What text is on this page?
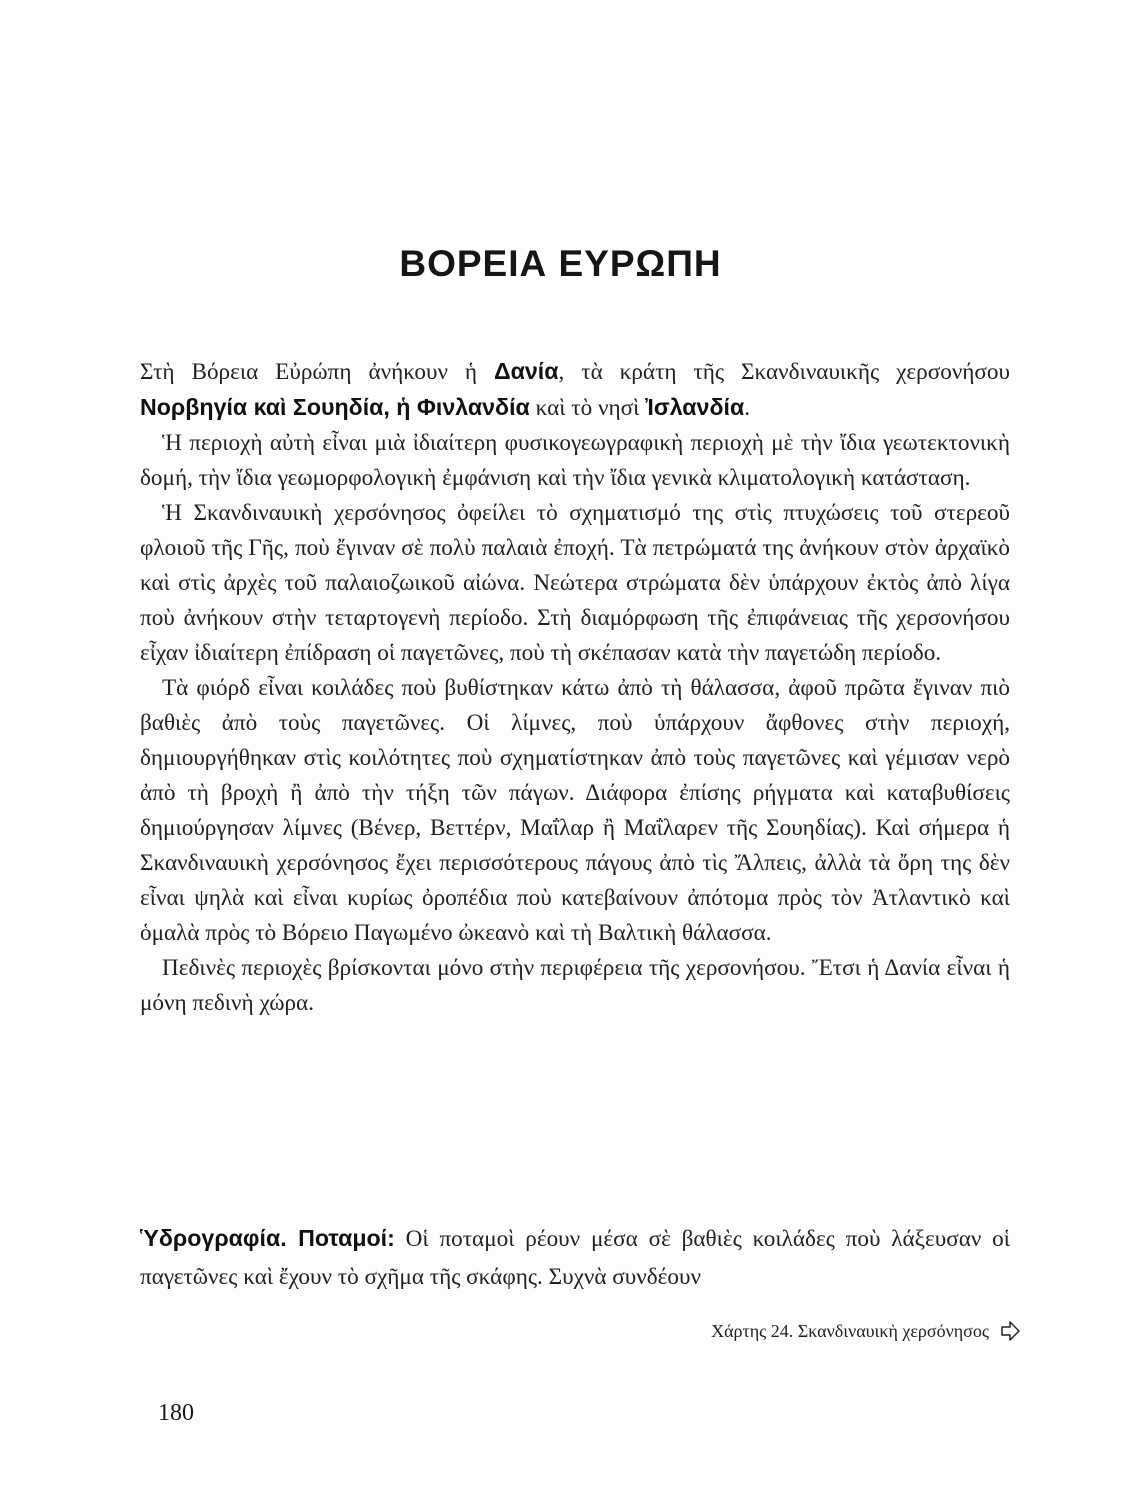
ΒΟΡΕΙΑ ΕΥΡΩΠΗ

Στὴ Βόρεια Εὐρώπη ἀνήκουν ἡ Δανία, τὰ κράτη τῆς Σκανδιναυικῆς χερσονήσου Νορβηγία καὶ Σουηδία, ἡ Φινλανδία καὶ τὸ νησὶ Ἰσλανδία.

Ἡ περιοχὴ αὐτὴ εἶναι μιὰ ἰδιαίτερη φυσικογεωγραφικὴ περιοχὴ μὲ τὴν ἴδια γεωτεκτονικὴ δομή, τὴν ἴδια γεωμορφολογικὴ ἐμφάνιση καὶ τὴν ἴδια γενικὰ κλιματολογικὴ κατάσταση.

Ἡ Σκανδιναυικὴ χερσόνησος ὀφείλει τὸ σχηματισμό της στὶς πτυχώσεις τοῦ στερεοῦ φλοιοῦ τῆς Γῆς, ποὺ ἔγιναν σὲ πολὺ παλαιὰ ἐποχή. Τὰ πετρώματά της ἀνήκουν στὸν ἀρχαϊκὸ καὶ στὶς ἀρχὲς τοῦ παλαιοζωικοῦ αἰώνα. Νεώτερα στρώματα δὲν ὑπάρχουν ἐκτὸς ἀπὸ λίγα ποὺ ἀνήκουν στὴν τεταρτογενὴ περίοδο. Στὴ διαμόρφωση τῆς ἐπιφάνειας τῆς χερσονήσου εἶχαν ἰδιαίτερη ἐπίδραση οἱ παγετῶνες, ποὺ τὴ σκέπασαν κατὰ τὴν παγετώδη περίοδο.

Τὰ φιόρδ εἶναι κοιλάδες ποὺ βυθίστηκαν κάτω ἀπὸ τὴ θάλασσα, ἀφοῦ πρῶτα ἔγιναν πιὸ βαθιὲς ἀπὸ τοὺς παγετῶνες. Οἱ λίμνες, ποὺ ὑπάρχουν ἄφθονες στὴν περιοχή, δημιουργήθηκαν στὶς κοιλότητες ποὺ σχηματίστηκαν ἀπὸ τοὺς παγετῶνες καὶ γέμισαν νερὸ ἀπὸ τὴ βροχὴ ἢ ἀπὸ τὴν τήξη τῶν πάγων. Διάφορα ἐπίσης ρήγματα καὶ καταβυθίσεις δημιούργησαν λίμνες (Βένερ, Βεττέρν, Μαΐλαρ ἢ Μαΐλαρεν τῆς Σουηδίας). Καὶ σήμερα ἡ Σκανδιναυικὴ χερσόνησος ἔχει περισσότερους πάγους ἀπὸ τὶς Ἄλπεις, ἀλλὰ τὰ ὄρη της δὲν εἶναι ψηλὰ καὶ εἶναι κυρίως ὀροπέδια ποὺ κατεβαίνουν ἀπότομα πρὸς τὸν Ἀτλαντικὸ καὶ ὁμαλὰ πρὸς τὸ Βόρειο Παγωμένο ὠκεανὸ καὶ τὴ Βαλτικὴ θάλασσα.

Πεδινὲς περιοχὲς βρίσκονται μόνο στὴν περιφέρεια τῆς χερσονήσου. Ἔτσι ἡ Δανία εἶναι ἡ μόνη πεδινὴ χώρα.

Ὑδρογραφία. Ποταμοί: Οἱ ποταμοὶ ρέουν μέσα σὲ βαθιὲς κοιλάδες ποὺ λάξευσαν οἱ παγετῶνες καὶ ἔχουν τὸ σχῆμα τῆς σκάφης. Συχνὰ συνδέουν

Χάρτης 24. Σκανδιναυικὴ χερσόνησος
180
